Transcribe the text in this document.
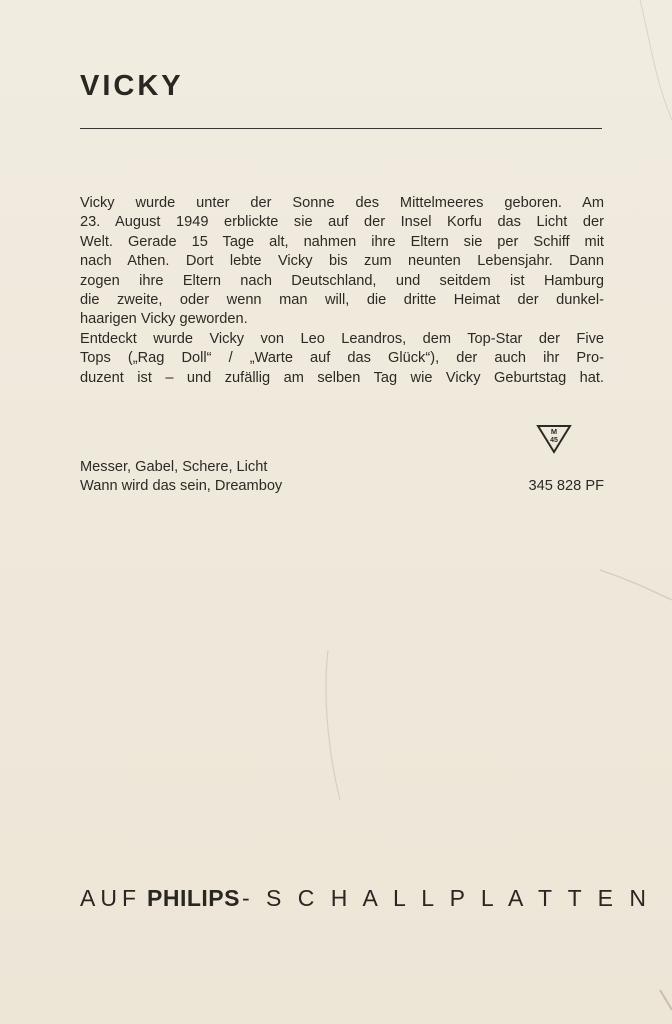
VICKY
Vicky wurde unter der Sonne des Mittelmeeres geboren. Am
23. August 1949 erblickte sie auf der Insel Korfu das Licht der
Welt. Gerade 15 Tage alt, nahmen ihre Eltern sie per Schiff mit
nach Athen. Dort lebte Vicky bis zum neunten Lebensjahr. Dann
zogen ihre Eltern nach Deutschland, und seitdem ist Hamburg
die zweite, oder wenn man will, die dritte Heimat der dunkel-
haarigen Vicky geworden.
Entdeckt wurde Vicky von Leo Leandros, dem Top-Star der Five
Tops („Rag Doll“ / „Warte auf das Glück“), der auch ihr Pro-
duzent ist – und zufällig am selben Tag wie Vicky Geburtstag hat.
M
45
Messer, Gabel, Schere, Licht
Wann wird das sein, Dreamboy	345 828 PF
AUF PHILIPS - S C H A L L P L A T T E N
